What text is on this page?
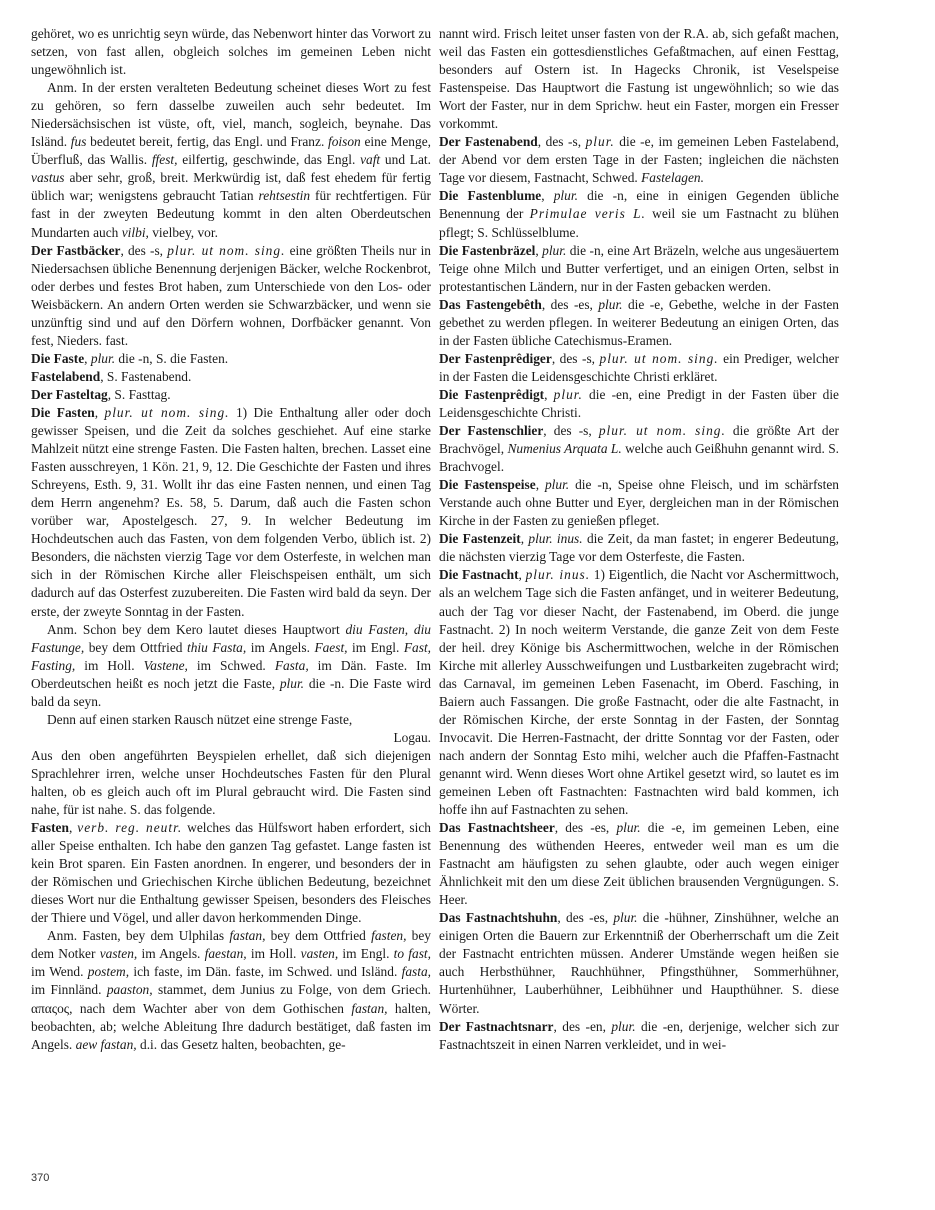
gehöret, wo es unrichtig seyn würde, das Nebenwort hinter das Vorwort zu setzen, von fast allen, obgleich solches im gemeinen Leben nicht ungewöhnlich ist.

Anm. In der ersten veralteten Bedeutung scheinet dieses Wort zu fest zu gehören, so fern dasselbe zuweilen auch sehr bedeutet. Im Niedersächsischen ist vüste, oft, viel, manch, sogleich, beynahe. Das Isländ. fus bedeutet bereit, fertig, das Engl. und Franz. foison eine Menge, Überfluß, das Wallis. ffest, eilfertig, geschwinde, das Engl. vaft und Lat. vastus aber sehr, groß, breit. Merkwürdig ist, daß fest ehedem für fertig üblich war; wenigstens gebraucht Tatian rehtsestin für rechtfertigen. Für fast in der zweyten Bedeutung kommt in den alten Oberdeutschen Mundarten auch vilbi, vielbey, vor.

Der Fastbäcker, des -s, plur. ut nom. sing. eine größten Theils nur in Niedersachsen übliche Benennung derjenigen Bäcker, welche Rockenbrot, oder derbes und festes Brot haben, zum Unterschiede von den Los- oder Weisbäckern. An andern Orten werden sie Schwarzbäcker, und wenn sie unzünftig sind und auf den Dörfern wohnen, Dorfbäcker genannt. Von fest, Nieders. fast.

Die Faste, plur. die -n, S. die Fasten.

Fastelabend, S. Fastenabend.

Der Fasteltag, S. Fasttag.

Die Fasten, plur. ut nom. sing. 1) Die Enthaltung aller oder doch gewisser Speisen, und die Zeit da solches geschiehet. Auf eine starke Mahlzeit nützt eine strenge Fasten. Die Fasten halten, brechen. Lasset eine Fasten ausschreyen, 1 Kön. 21, 9, 12. Die Geschichte der Fasten und ihres Schreyens, Esth. 9, 31. Wollt ihr das eine Fasten nennen, und einen Tag dem Herrn angenehm? Es. 58, 5. Darum, daß auch die Fasten schon vorüber war, Apostelgesch. 27, 9. In welcher Bedeutung im Hochdeutschen auch das Fasten, von dem folgenden Verbo, üblich ist. 2) Besonders, die nächsten vierzig Tage vor dem Osterfeste, in welchen man sich in der Römischen Kirche aller Fleischspeisen enthält, um sich dadurch auf das Osterfest zuzubereiten. Die Fasten wird bald da seyn. Der erste, der zweyte Sonntag in der Fasten.

Anm. Schon bey dem Kero lautet dieses Hauptwort diu Fasten, diu Fastunge, bey dem Ottfried thiu Fasta, im Angels. Faest, im Engl. Fast, Fasting, im Holl. Vastene, im Schwed. Fasta, im Dän. Faste. Im Oberdeutschen heißt es noch jetzt die Faste, plur. die -n. Die Faste wird bald da seyn.

Denn auf einen starken Rausch nützet eine strenge Faste,

Logau.

Aus den oben angeführten Beyspielen erhellet, daß sich diejenigen Sprachlehrer irren, welche unser Hochdeutsches Fasten für den Plural halten, ob es gleich auch oft im Plural gebraucht wird. Die Fasten sind nahe, für ist nahe. S. das folgende.

Fasten, verb. reg. neutr. welches das Hülfswort haben erfordert, sich aller Speise enthalten. Ich habe den ganzen Tag gefastet. Lange fasten ist kein Brot sparen. Ein Fasten anordnen. In engerer, und besonders der in der Römischen und Griechischen Kirche üblichen Bedeutung, bezeichnet dieses Wort nur die Enthaltung gewisser Speisen, besonders des Fleisches der Thiere und Vögel, und aller davon herkommenden Dinge.

Anm. Fasten, bey dem Ulphilas fastan, bey dem Ottfried fasten, bey dem Notker vasten, im Angels. faestan, im Holl. vasten, im Engl. to fast, im Wend. postem, ich faste, im Dän. faste, im Schwed. und Isländ. fasta, im Finnländ. paaston, stammet, dem Junius zu Folge, von dem Griech. απαςος, nach dem Wachter aber von dem Gothischen fastan, halten, beobachten, ab; welche Ableitung Ihre dadurch bestätiget, daß fasten im Angels. aew fastan, d.i. das Gesetz halten, beobachten, ge-

nannt wird. Frisch leitet unser fasten von der R.A. ab, sich gefaßt machen, weil das Fasten ein gottesdienstliches Gefaßtmachen, auf einen Festtag, besonders auf Ostern ist. In Hagecks Chronik, ist Veselspeise Fastenspeise. Das Hauptwort die Fastung ist ungewöhnlich; so wie das Wort der Faster, nur in dem Sprichw. heut ein Faster, morgen ein Fresser vorkommt.

Der Fastenabend, des -s, plur. die -e, im gemeinen Leben Fastelabend, der Abend vor dem ersten Tage in der Fasten; ingleichen die nächsten Tage vor diesem, Fastnacht, Schwed. Fastelagen.

Die Fastenblume, plur. die -n, eine in einigen Gegenden übliche Benennung der Primulae veris L. weil sie um Fastnacht zu blühen pflegt; S. Schlüsselblume.

Die Fastenbräzel, plur. die -n, eine Art Bräzeln, welche aus ungesäuertem Teige ohne Milch und Butter verfertiget, und an einigen Orten, selbst in protestantischen Ländern, nur in der Fasten gebacken werden.

Das Fastengebêth, des -es, plur. die -e, Gebethe, welche in der Fasten gebethet zu werden pflegen. In weiterer Bedeutung an einigen Orten, das in der Fasten übliche Catechismus-Eramen.

Der Fastenprêdiger, des -s, plur. ut nom. sing. ein Prediger, welcher in der Fasten die Leidensgeschichte Christi erkläret.

Die Fastenprêdigt, plur. die -en, eine Predigt in der Fasten über die Leidensgeschichte Christi.

Der Fastenschlier, des -s, plur. ut nom. sing. die größte Art der Brachvögel, Numenius Arquata L. welche auch Geißhuhn genannt wird. S. Brachvogel.

Die Fastenspeise, plur. die -n, Speise ohne Fleisch, und im schärfsten Verstande auch ohne Butter und Eyer, dergleichen man in der Römischen Kirche in der Fasten zu genießen pfleget.

Die Fastenzeit, plur. inus. die Zeit, da man fastet; in engerer Bedeutung, die nächsten vierzig Tage vor dem Osterfeste, die Fasten.

Die Fastnacht, plur. inus. 1) Eigentlich, die Nacht vor Aschermittwoch, als an welchem Tage sich die Fasten anfänget, und in weiterer Bedeutung, auch der Tag vor dieser Nacht, der Fastenabend, im Oberd. die junge Fastnacht. 2) In noch weiterm Verstande, die ganze Zeit von dem Feste der heil. drey Könige bis Aschermittwochen, welche in der Römischen Kirche mit allerley Ausschweifungen und Lustbarkeiten zugebracht wird; das Carnaval, im gemeinen Leben Fasenacht, im Oberd. Fasching, in Baiern auch Fassangen. Die große Fastnacht, oder die alte Fastnacht, in der Römischen Kirche, der erste Sonntag in der Fasten, der Sonntag Invocavit. Die Herren-Fastnacht, der dritte Sonntag vor der Fasten, oder nach andern der Sonntag Esto mihi, welcher auch die Pfaffen-Fastnacht genannt wird. Wenn dieses Wort ohne Artikel gesetzt wird, so lautet es im gemeinen Leben oft Fastnachten: Fastnachten wird bald kommen, ich hoffe ihn auf Fastnachten zu sehen.

Das Fastnachtsheer, des -es, plur. die -e, im gemeinen Leben, eine Benennung des wüthenden Heeres, entweder weil man es um die Fastnacht am häufigsten zu sehen glaubte, oder auch wegen einiger Ähnlichkeit mit den um diese Zeit üblichen brausenden Vergnügungen. S. Heer.

Das Fastnachtshuhn, des -es, plur. die -hühner, Zinshühner, welche an einigen Orten die Bauern zur Erkenntniß der Oberherrschaft um die Zeit der Fastnacht entrichten müssen. Anderer Umstände wegen heißen sie auch Herbsthühner, Rauchhühner, Pfingsthühner, Sommerhühner, Hurtenhühner, Lauberhühner, Leibhühner und Haupthühner. S. diese Wörter.

Der Fastnachtsnarr, des -en, plur. die -en, derjenige, welcher sich zur Fastnachtszeit in einen Narren verkleidet, und in wei-

370
